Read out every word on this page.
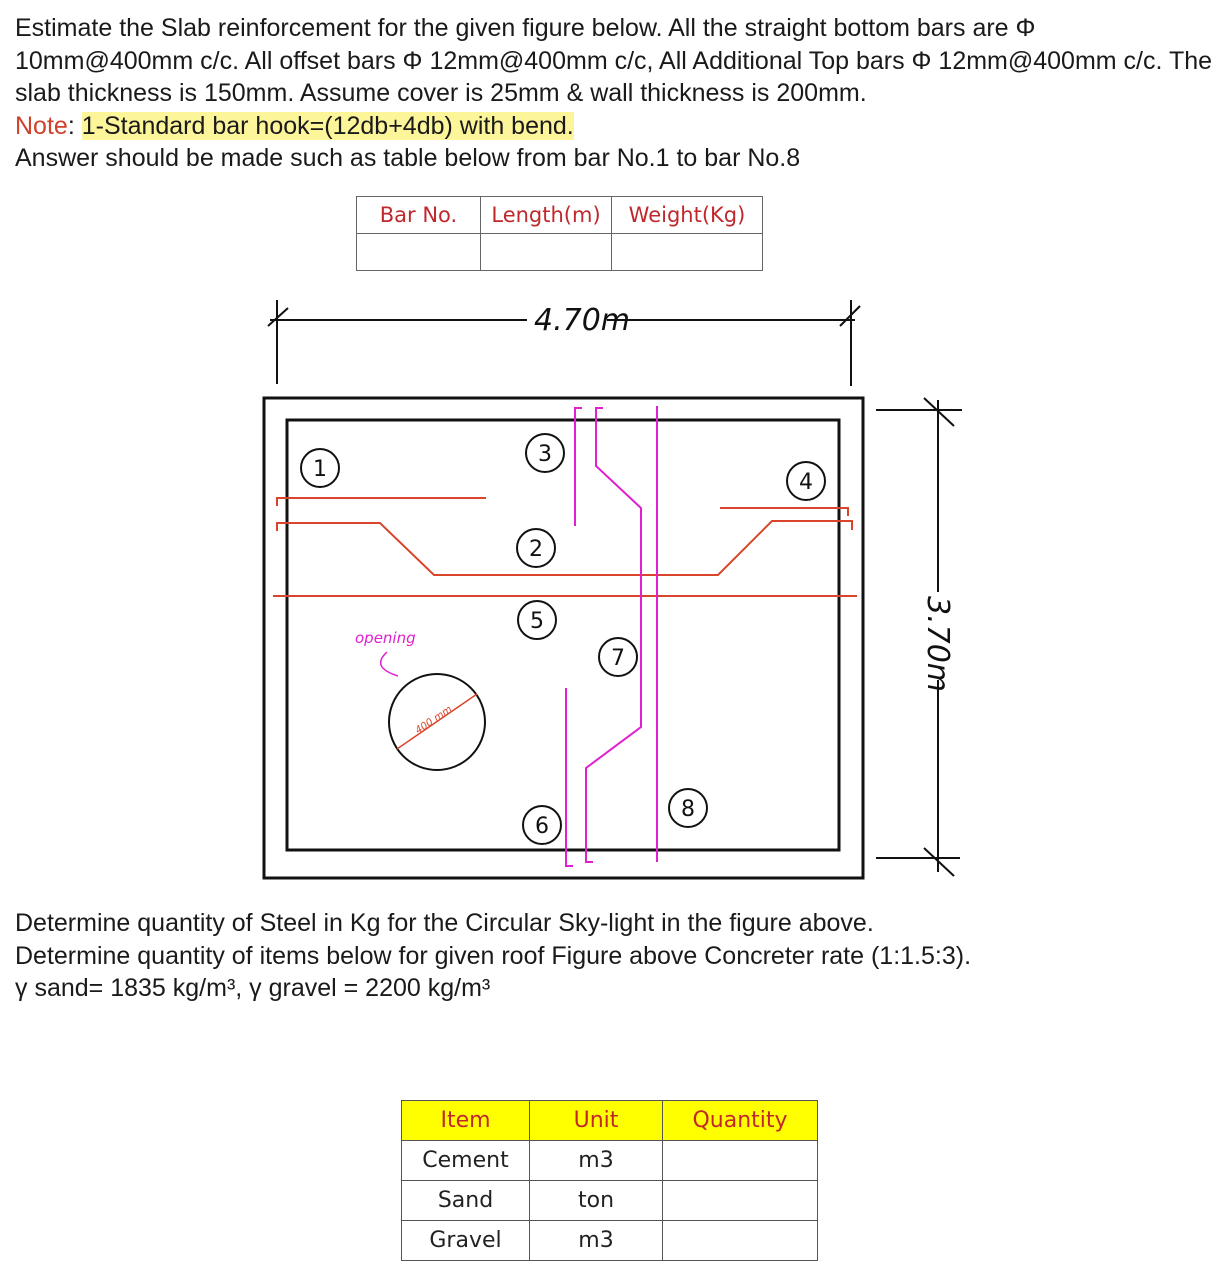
Estimate the Slab reinforcement for the given figure below. All the straight bottom bars are Φ 10mm@400mm c/c. All offset bars Φ 12mm@400mm c/c, All Additional Top bars Φ 12mm@400mm c/c. The slab thickness is 150mm. Assume cover is 25mm & wall thickness is 200mm.

Note: 1-Standard bar hook=(12db+4db) with bend.

Answer should be made such as table below from bar No.1 to bar No.8

Bar No.	Length(m)	Weight(Kg)

4.70m
3.70m
1
2
3
4
5
6
7
8
400 mm
opening

Determine quantity of Steel in Kg for the Circular Sky-light in the figure above.
Determine quantity of items below for given roof Figure above Concreter rate (1:1.5:3).
γ sand= 1835 kg/m³, γ gravel = 2200 kg/m³

Item	Unit	Quantity
Cement	m3	
Sand	ton	
Gravel	m3	
